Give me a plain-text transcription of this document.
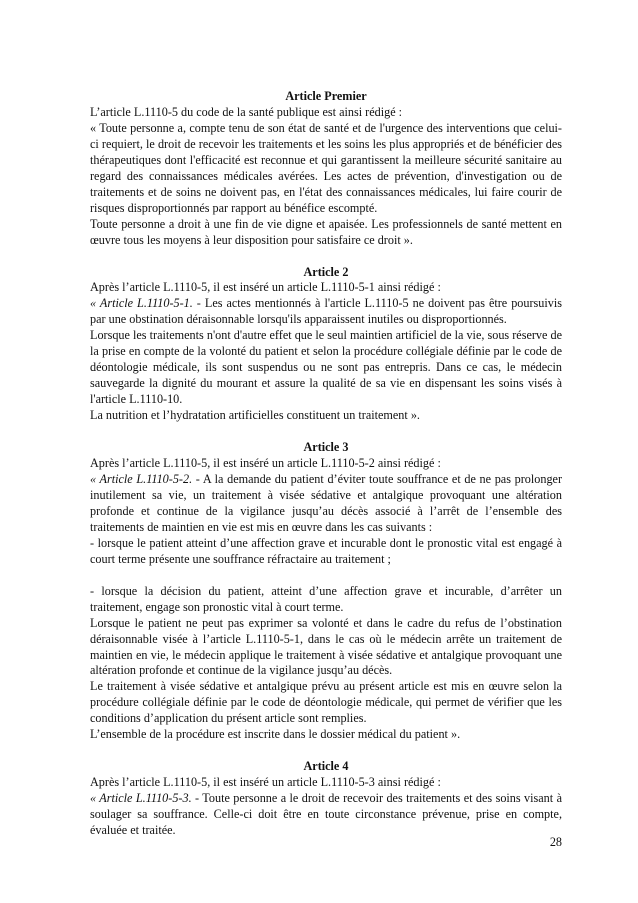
Article Premier

L’article L.1110-5 du code de la santé publique est ainsi rédigé :

« Toute personne a, compte tenu de son état de santé et de l'urgence des interventions que celui-ci requiert, le droit de recevoir les traitements et les soins les plus appropriés et de bénéficier des thérapeutiques dont l'efficacité est reconnue et qui garantissent la meilleure sécurité sanitaire au regard des connaissances médicales avérées. Les actes de prévention, d'investigation ou de traitements et de soins ne doivent pas, en l'état des connaissances médicales, lui faire courir de risques disproportionnés par rapport au bénéfice escompté.

Toute personne a droit à une fin de vie digne et apaisée. Les professionnels de santé mettent en œuvre tous les moyens à leur disposition pour satisfaire ce droit ».

Article 2

Après l’article L.1110-5, il est inséré un article L.1110-5-1 ainsi rédigé :

« Article L.1110-5-1. - Les actes mentionnés à l'article L.1110-5 ne doivent pas être poursuivis par une obstination déraisonnable lorsqu'ils apparaissent inutiles ou disproportionnés.

Lorsque les traitements n'ont d'autre effet que le seul maintien artificiel de la vie, sous réserve de la prise en compte de la volonté du patient et selon la procédure collégiale définie par le code de déontologie médicale, ils sont suspendus ou ne sont pas entrepris. Dans ce cas, le médecin sauvegarde la dignité du mourant et assure la qualité de sa vie en dispensant les soins visés à l'article L.1110-10.

La nutrition et l’hydratation artificielles constituent un traitement ».

Article 3

Après l’article L.1110-5, il est inséré un article L.1110-5-2 ainsi rédigé :

« Article L.1110-5-2. - A la demande du patient d’éviter toute souffrance et de ne pas prolonger inutilement sa vie, un traitement à visée sédative et antalgique provoquant une altération profonde et continue de la vigilance jusqu’au décès associé à l’arrêt de l’ensemble des traitements de maintien en vie est mis en œuvre dans les cas suivants :

- lorsque le patient atteint d’une affection grave et incurable dont le pronostic vital est engagé à court terme présente une souffrance réfractaire au traitement ;

- lorsque la décision du patient, atteint d’une affection grave et incurable, d’arrêter un traitement, engage son pronostic vital à court terme.

Lorsque le patient ne peut pas exprimer sa volonté et dans le cadre du refus de l’obstination déraisonnable visée à l’article L.1110-5-1, dans le cas où le médecin arrête un traitement de maintien en vie, le médecin applique le traitement à visée sédative et antalgique provoquant une altération profonde et continue de la vigilance jusqu’au décès.

Le traitement à visée sédative et antalgique prévu au présent article est mis en œuvre selon la procédure collégiale définie par le code de déontologie médicale, qui permet de vérifier que les conditions d’application du présent article sont remplies.

L’ensemble de la procédure est inscrite dans le dossier médical du patient ».

Article 4

Après l’article L.1110-5, il est inséré un article L.1110-5-3 ainsi rédigé :

« Article L.1110-5-3. - Toute personne a le droit de recevoir des traitements et des soins visant à soulager sa souffrance. Celle-ci doit être en toute circonstance prévenue, prise en compte, évaluée et traitée.

28
